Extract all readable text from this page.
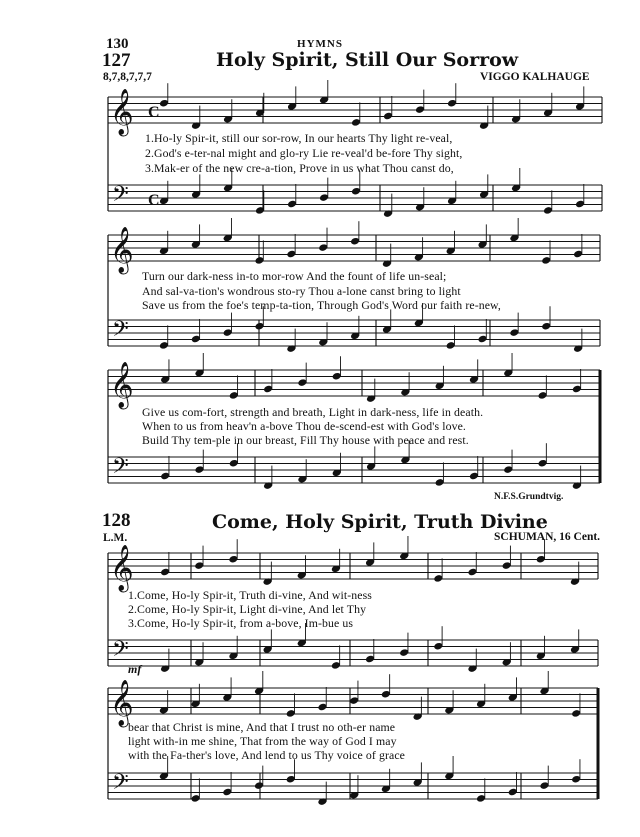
130	HYMNS
127	Holy Spirit, Still Our Sorrow
8,7,8,7,7,7	VIGGO KALHAUGE
𝄞
𝄢
𝄞
𝄢
𝄞
𝄢
𝄞
𝄢
𝄞
𝄢
C
C
1.Ho-ly Spir-it, still our sor-row, In our hearts Thy light re-veal,
2.God's e-ter-nal might and glo-ry Lie re-veal'd be-fore Thy sight,
3.Mak-er of the new cre-a-tion, Prove in us what Thou canst do,
Turn our dark-ness in-to mor-row And the fount of life un-seal;
And sal-va-tion's wondrous sto-ry Thou a-lone canst bring to light
Save us from the foe's temp-ta-tion, Through God's Word our faith re-new,
Give us com-fort, strength and breath, Light in dark-ness, life in death.
When to us from heav'n a-bove Thou de-scend-est with God's love.
Build Thy tem-ple in our breast, Fill Thy house with peace and rest.
N.F.S.Grundtvig.
128	Come, Holy Spirit, Truth Divine
L.M.	SCHUMAN, 16 Cent.
1.Come, Ho-ly Spir-it, Truth di-vine, And wit-ness
2.Come, Ho-ly Spir-it, Light di-vine, And let Thy
3.Come, Ho-ly Spir-it, from a-bove, Im-bue us
mf
bear that Christ is mine, And that I trust no oth-er name
light with-in me shine, That from the way of God I may
with the Fa-ther's love, And lend to us Thy voice of grace
